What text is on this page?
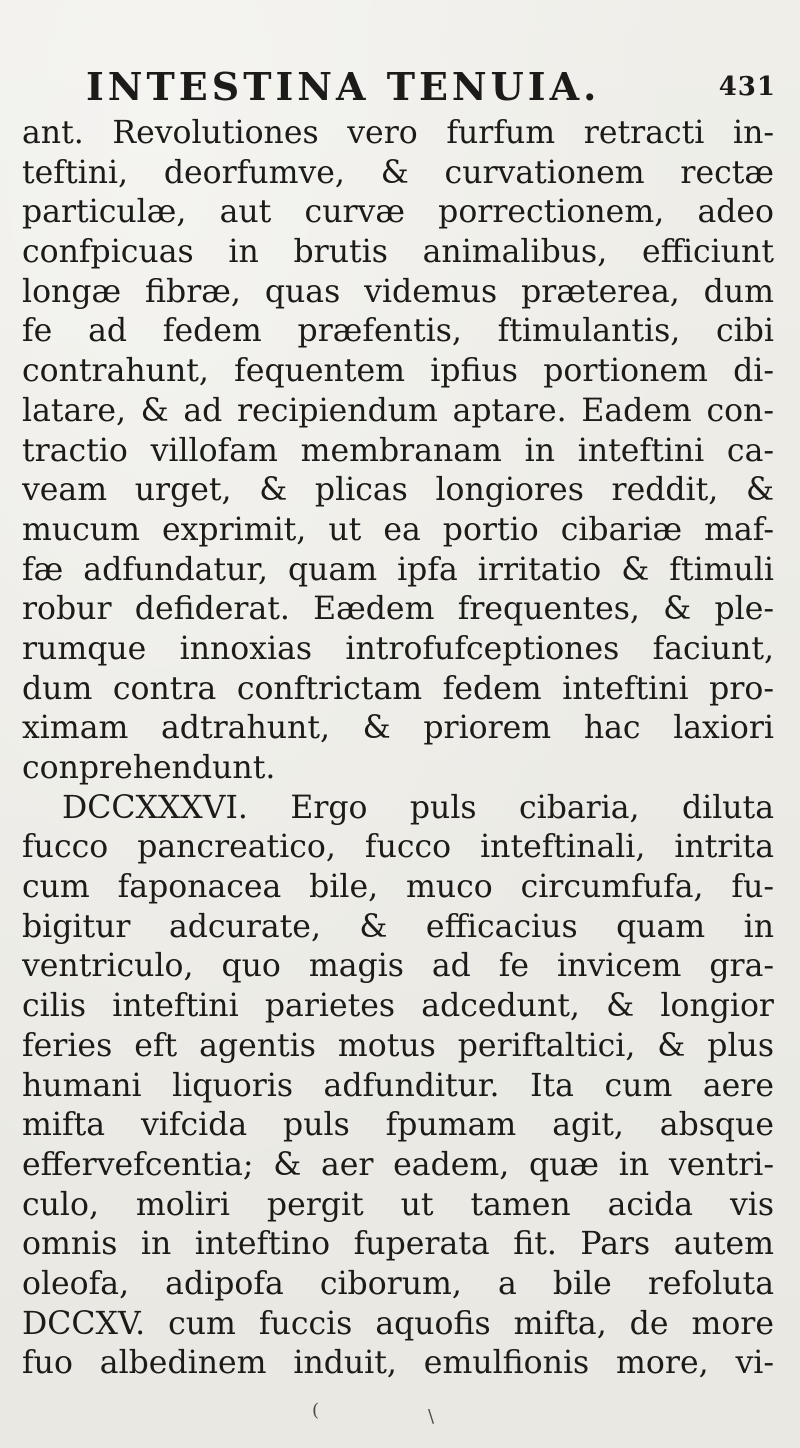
INTESTINA TENUIA.	431
ant. Revolutiones vero furfum retracti in-
teftini, deorfumve, & curvationem rectæ
particulæ, aut curvæ porrectionem, adeo
confpicuas in brutis animalibus, efficiunt
longæ fibræ, quas videmus præterea, dum
fe ad fedem præfentis, ftimulantis, cibi
contrahunt, fequentem ipfius portionem di-
latare, & ad recipiendum aptare. Eadem con-
tractio villofam membranam in inteftini ca-
veam urget, & plicas longiores reddit, &
mucum exprimit, ut ea portio cibariæ maf-
fæ adfundatur, quam ipfa irritatio & ftimuli
robur defiderat. Eædem frequentes, & ple-
rumque innoxias introfufceptiones faciunt,
dum contra conftrictam fedem inteftini pro-
ximam adtrahunt, & priorem hac laxiori
conprehendunt.
DCCXXXVI. Ergo puls cibaria, diluta
fucco pancreatico, fucco inteftinali, intrita
cum faponacea bile, muco circumfufa, fu-
bigitur adcurate, & efficacius quam in
ventriculo, quo magis ad fe invicem gra-
cilis inteftini parietes adcedunt, & longior
feries eft agentis motus periftaltici, & plus
humani liquoris adfunditur. Ita cum aere
mifta vifcida puls fpumam agit, absque
effervefcentia; & aer eadem, quæ in ventri-
culo, moliri pergit ut tamen acida vis
omnis in inteftino fuperata fit. Pars autem
oleofa, adipofa ciborum, a bile refoluta
DCCXV. cum fuccis aquofis mifta, de more
fuo albedinem induit, emulfionis more, vi-
(	\
